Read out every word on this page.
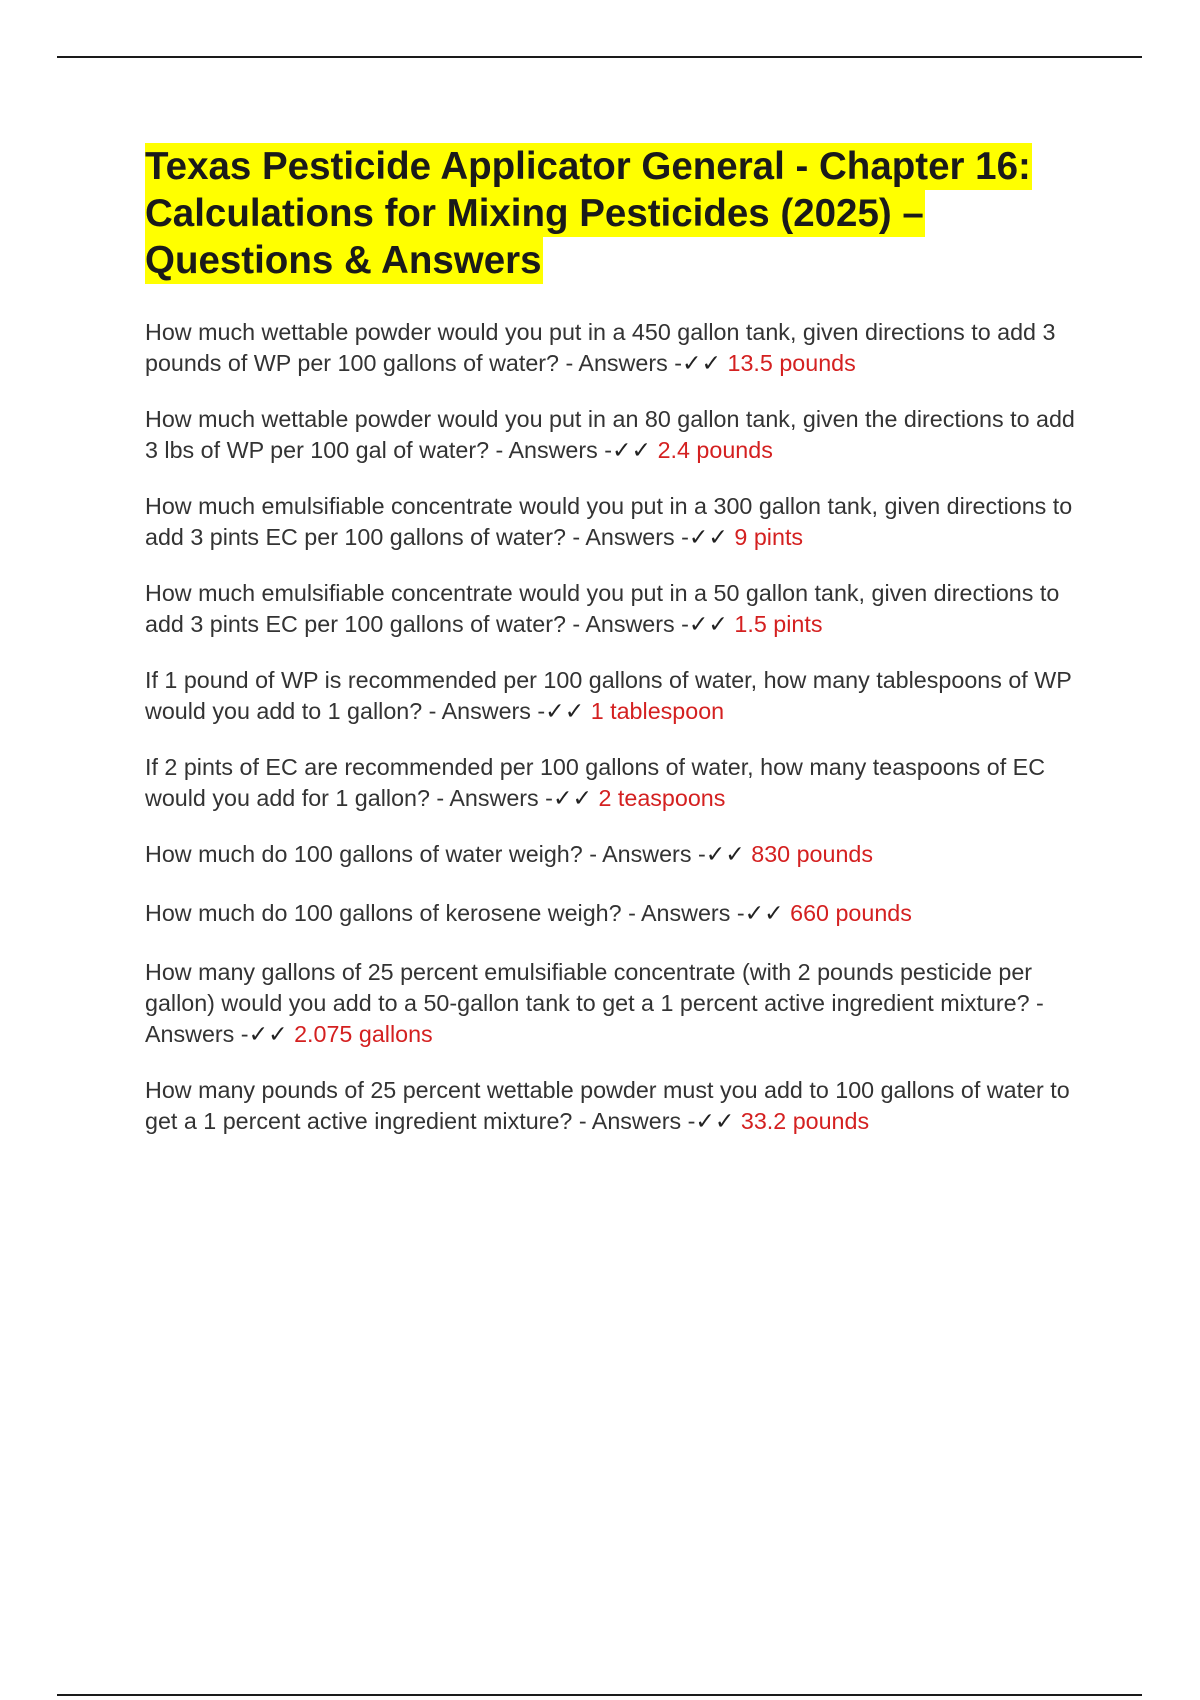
Texas Pesticide Applicator General - Chapter 16:
Calculations for Mixing Pesticides (2025) –
Questions & Answers

How much wettable powder would you put in a 450 gallon tank, given directions to add 3 pounds of WP per 100 gallons of water? - Answers -✓✓ 13.5 pounds

How much wettable powder would you put in an 80 gallon tank, given the directions to add 3 lbs of WP per 100 gal of water? - Answers -✓✓ 2.4 pounds

How much emulsifiable concentrate would you put in a 300 gallon tank, given directions to add 3 pints EC per 100 gallons of water? - Answers -✓✓ 9 pints

How much emulsifiable concentrate would you put in a 50 gallon tank, given directions to add 3 pints EC per 100 gallons of water? - Answers -✓✓ 1.5 pints

If 1 pound of WP is recommended per 100 gallons of water, how many tablespoons of WP would you add to 1 gallon? - Answers -✓✓ 1 tablespoon

If 2 pints of EC are recommended per 100 gallons of water, how many teaspoons of EC would you add for 1 gallon? - Answers -✓✓ 2 teaspoons

How much do 100 gallons of water weigh? - Answers -✓✓ 830 pounds

How much do 100 gallons of kerosene weigh? - Answers -✓✓ 660 pounds

How many gallons of 25 percent emulsifiable concentrate (with 2 pounds pesticide per gallon) would you add to a 50-gallon tank to get a 1 percent active ingredient mixture? - Answers -✓✓ 2.075 gallons

How many pounds of 25 percent wettable powder must you add to 100 gallons of water to get a 1 percent active ingredient mixture? - Answers -✓✓ 33.2 pounds
